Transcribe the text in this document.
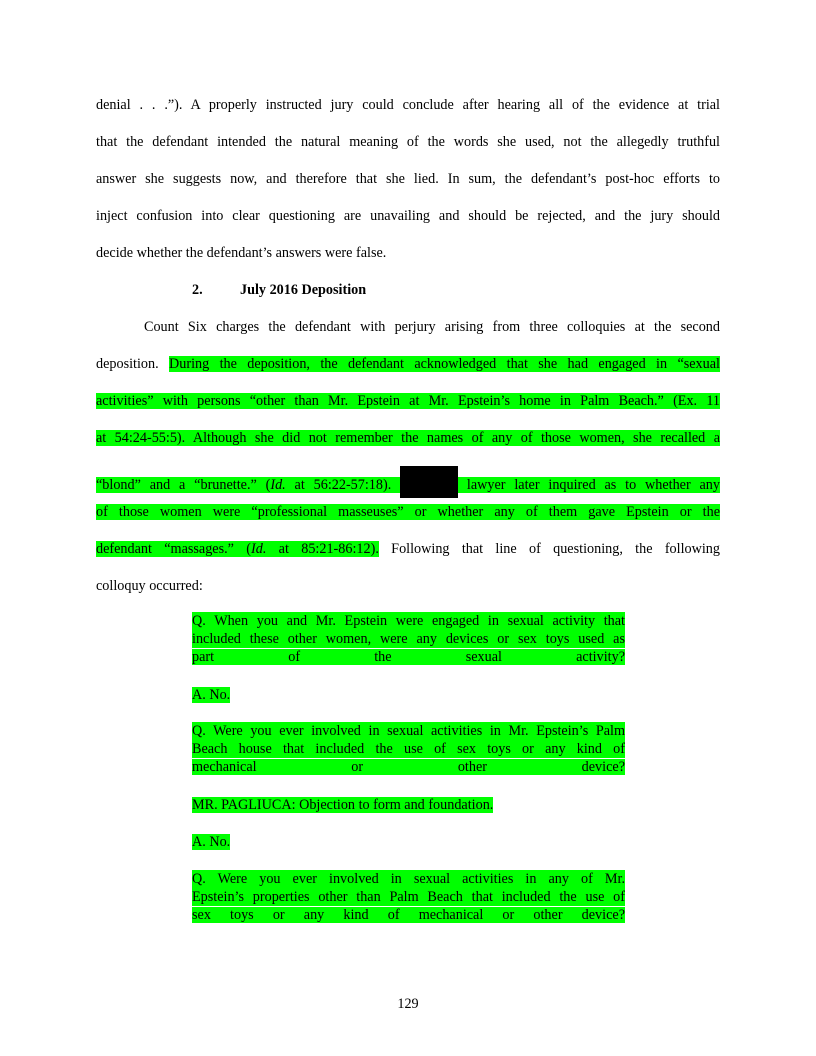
denial . . .”). A properly instructed jury could conclude after hearing all of the evidence at trial
that the defendant intended the natural meaning of the words she used, not the allegedly truthful
answer she suggests now, and therefore that she lied. In sum, the defendant’s post-hoc efforts to
inject confusion into clear questioning are unavailing and should be rejected, and the jury should
decide whether the defendant’s answers were false.
2.	July 2016 Deposition
Count Six charges the defendant with perjury arising from three colloquies at the second
deposition. During the deposition, the defendant acknowledged that she had engaged in “sexual
activities” with persons “other than Mr. Epstein at Mr. Epstein’s home in Palm Beach.” (Ex. 11
at 54:24-55:5). Although she did not remember the names of any of those women, she recalled a
“blond” and a “brunette.” (Id. at 56:22-57:18).	lawyer later inquired as to whether any
of those women were “professional masseuses” or whether any of them gave Epstein or the
defendant “massages.” (Id. at 85:21-86:12). Following that line of questioning, the following
colloquy occurred:
Q. When you and Mr. Epstein were engaged in sexual activity that
included these other women, were any devices or sex toys used as
part of the sexual activity?
A. No.
Q. Were you ever involved in sexual activities in Mr. Epstein’s Palm
Beach house that included the use of sex toys or any kind of
mechanical or other device?
MR. PAGLIUCA: Objection to form and foundation.
A. No.
Q. Were you ever involved in sexual activities in any of Mr.
Epstein’s properties other than Palm Beach that included the use of
sex toys or any kind of mechanical or other device?
129
